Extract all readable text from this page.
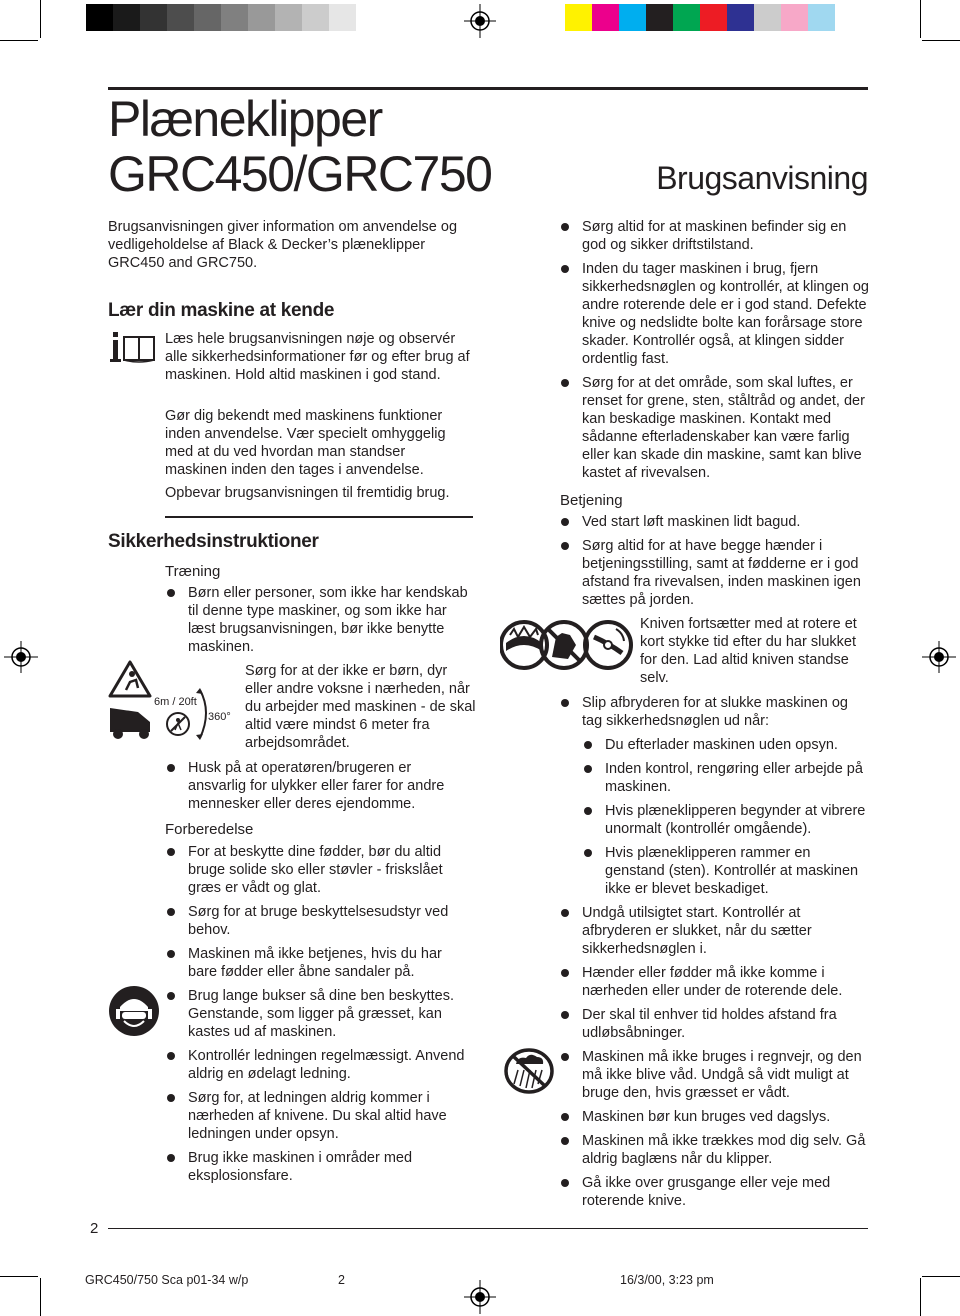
Plæneklipper
GRC450/GRC750	Brugsanvisning

Brugsanvisningen giver information om anvendelse og vedligeholdelse af Black & Decker’s plæneklipper GRC450 and GRC750.

Lær din maskine at kende

Læs hele brugsanvisningen nøje og observér alle sikkerhedsinformationer før og efter brug af maskinen. Hold altid maskinen i god stand.

Gør dig bekendt med maskinens funktioner inden anvendelse. Vær specielt omhyggelig med at du ved hvordan man standser maskinen inden den tages i anvendelse.

Opbevar brugsanvisningen til fremtidig brug.

Sikkerhedsinstruktioner
Træning

Børn eller personer, som ikke har kendskab til denne type maskiner, og som ikke har læst brugsanvisningen, bør ikke benytte maskinen.

6m / 20ft
360°

Sørg for at der ikke er børn, dyr eller andre voksne i nærheden, når du arbejder med maskinen - de skal altid være mindst 6 meter fra arbejdsområdet.

Husk på at operatøren/brugeren er ansvarlig for ulykker eller farer for andre mennesker eller deres ejendomme.

Forberedelse

For at beskytte dine fødder, bør du altid bruge solide sko eller støvler - friskslået græs er vådt og glat.

Sørg for at bruge beskyttelsesudstyr ved behov.

Maskinen må ikke betjenes, hvis du har bare fødder eller åbne sandaler på.

Brug lange bukser så dine ben beskyttes. Genstande, som ligger på græsset, kan kastes ud af maskinen.

Kontrollér ledningen regelmæssigt. Anvend aldrig en ødelagt ledning.

Sørg for, at ledningen aldrig kommer i nærheden af knivene. Du skal altid have ledningen under opsyn.

Brug ikke maskinen i områder med eksplosionsfare.

Sørg altid for at maskinen befinder sig en god og sikker driftstilstand.

Inden du tager maskinen i brug, fjern sikkerhedsnøglen og kontrollér, at klingen og andre roterende dele er i god stand. Defekte knive og nedslidte bolte kan forårsage store skader. Kontrollér også, at klingen sidder ordentlig fast.

Sørg for at det område, som skal luftes, er renset for grene, sten, ståltråd og andet, der kan beskadige maskinen. Kontakt med sådanne efterladenskaber kan være farlig eller kan skade din maskine, samt kan blive kastet af rivevalsen.

Betjening

Ved start løft maskinen lidt bagud.

Sørg altid for at have begge hænder i betjeningsstilling, samt at fødderne er i god afstand fra rivevalsen, inden maskinen igen sættes på jorden.

Kniven fortsætter med at rotere et kort stykke tid efter du har slukket for den. Lad altid kniven standse selv.

Slip afbryderen for at slukke maskinen og tag sikkerhedsnøglen ud når:

Du efterlader maskinen uden opsyn.

Inden kontrol, rengøring eller arbejde på maskinen.

Hvis plæneklipperen begynder at vibrere unormalt (kontrollér omgående).

Hvis plæneklipperen rammer en genstand (sten). Kontrollér at maskinen ikke er blevet beskadiget.

Undgå utilsigtet start. Kontrollér at afbryderen er slukket, når du sætter sikkerhedsnøglen i.

Hænder eller fødder må ikke komme i nærheden eller under de roterende dele.

Der skal til enhver tid holdes afstand fra udløbsåbninger.

Maskinen må ikke bruges i regnvejr, og den må ikke blive våd. Undgå så vidt muligt at bruge den, hvis græsset er vådt.

Maskinen bør kun bruges ved dagslys.

Maskinen må ikke trækkes mod dig selv. Gå aldrig baglæns når du klipper.

Gå ikke over grusgange eller veje med roterende knive.

2
GRC450/750 Sca p01-34 w/p	2	16/3/00, 3:23 pm
